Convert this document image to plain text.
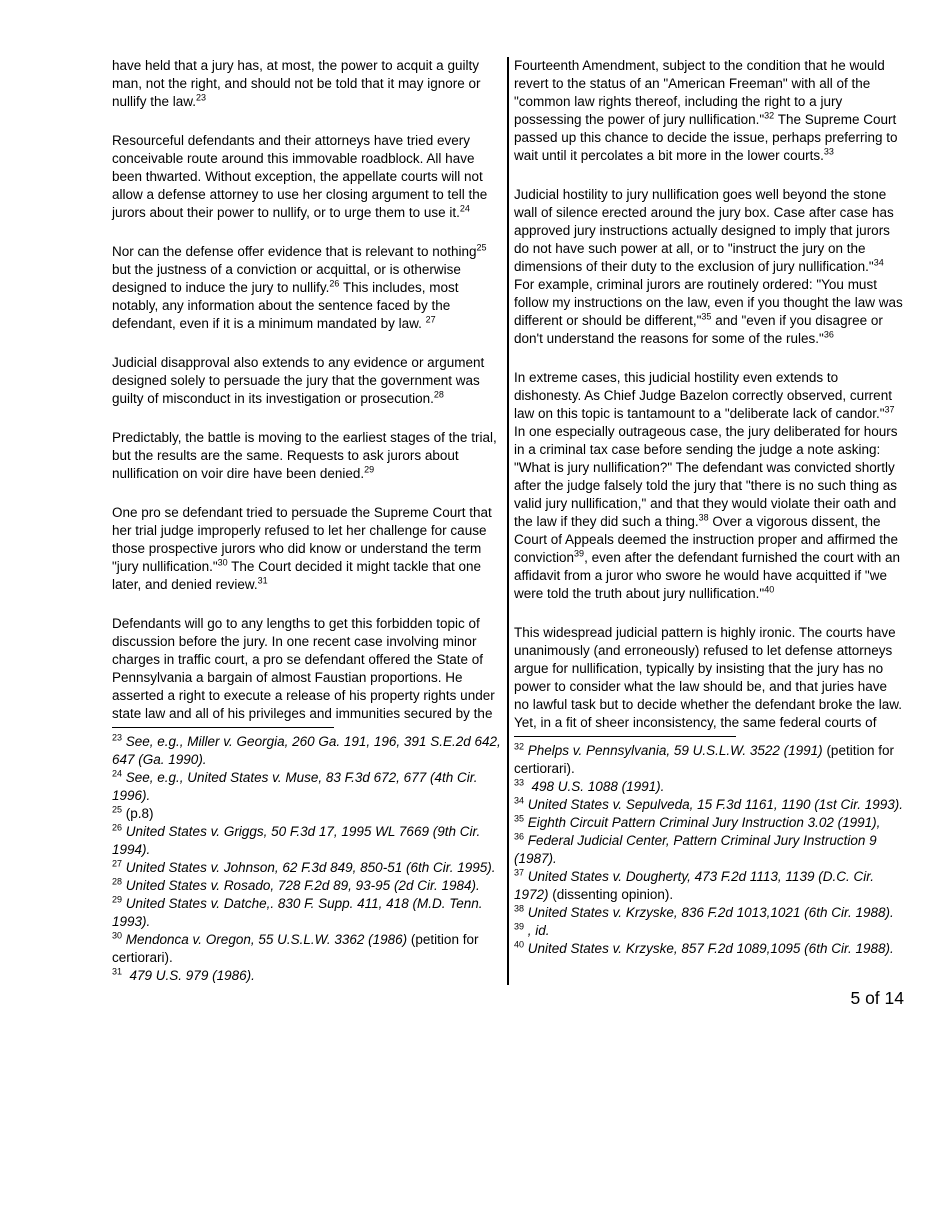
have held that a jury has, at most, the power to acquit a guilty man, not the right, and should not be told that it may ignore or nullify the law.$^{23}$

Resourceful defendants and their attorneys have tried every conceivable route around this immovable roadblock. All have been thwarted. Without exception, the appellate courts will not allow a defense attorney to use her closing argument to tell the jurors about their power to nullify, or to urge them to use it.$^{24}$

Nor can the defense offer evidence that is relevant to nothing$^{25}$ but the justness of a conviction or acquittal, or is otherwise designed to induce the jury to nullify.$^{26}$ This includes, most notably, any information about the sentence faced by the defendant, even if it is a minimum mandated by law. $^{27}$

Judicial disapproval also extends to any evidence or argument designed solely to persuade the jury that the government was guilty of misconduct in its investigation or prosecution.$^{28}$

Predictably, the battle is moving to the earliest stages of the trial, but the results are the same. Requests to ask jurors about nullification on voir dire have been denied.$^{29}$

One pro se defendant tried to persuade the Supreme Court that her trial judge improperly refused to let her challenge for cause those prospective jurors who did know or understand the term "jury nullification."$^{30}$ The Court decided it might tackle that one later, and denied review.$^{31}$

Defendants will go to any lengths to get this forbidden topic of discussion before the jury. In one recent case involving minor charges in traffic court, a pro se defendant offered the State of Pennsylvania a bargain of almost Faustian proportions. He asserted a right to execute a release of his property rights under state law and all of his privileges and immunities secured by the

$^{23}$ See, e.g., Miller v. Georgia, 260 Ga. 191, 196, 391 S.E.2d 642, 647 (Ga. 1990).
$^{24}$ See, e.g., United States v. Muse, 83 F.3d 672, 677 (4th Cir. 1996).
$^{25}$ (p.8)
$^{26}$ United States v. Griggs, 50 F.3d 17, 1995 WL 7669 (9th Cir. 1994).
$^{27}$ United States v. Johnson, 62 F.3d 849, 850-51 (6th Cir. 1995).
$^{28}$ United States v. Rosado, 728 F.2d 89, 93-95 (2d Cir. 1984).
$^{29}$ United States v. Datche,. 830 F. Supp. 411, 418 (M.D. Tenn. 1993).
$^{30}$ Mendonca v. Oregon, 55 U.S.L.W. 3362 (1986) (petition for certiorari).
$^{31}$  479 U.S. 979 (1986).

Fourteenth Amendment, subject to the condition that he would revert to the status of an "American Freeman" with all of the "common law rights thereof, including the right to a jury possessing the power of jury nullification."$^{32}$ The Supreme Court passed up this chance to decide the issue, perhaps preferring to wait until it percolates a bit more in the lower courts.$^{33}$

Judicial hostility to jury nullification goes well beyond the stone wall of silence erected around the jury box. Case after case has approved jury instructions actually designed to imply that jurors do not have such power at all, or to "instruct the jury on the dimensions of their duty to the exclusion of jury nullification."$^{34}$ For example, criminal jurors are routinely ordered: "You must follow my instructions on the law, even if you thought the law was different or should be different,"$^{35}$ and "even if you disagree or don't understand the reasons for some of the rules."$^{36}$

In extreme cases, this judicial hostility even extends to dishonesty. As Chief Judge Bazelon correctly observed, current law on this topic is tantamount to a "deliberate lack of candor."$^{37}$ In one especially outrageous case, the jury deliberated for hours in a criminal tax case before sending the judge a note asking: "What is jury nullification?" The defendant was convicted shortly after the judge falsely told the jury that "there is no such thing as valid jury nullification," and that they would violate their oath and the law if they did such a thing.$^{38}$ Over a vigorous dissent, the Court of Appeals deemed the instruction proper and affirmed the conviction$^{39}$, even after the defendant furnished the court with an affidavit from a juror who swore he would have acquitted if "we were told the truth about jury nullification."$^{40}$

This widespread judicial pattern is highly ironic. The courts have unanimously (and erroneously) refused to let defense attorneys argue for nullification, typically by insisting that the jury has no power to consider what the law should be, and that juries have no lawful task but to decide whether the defendant broke the law. Yet, in a fit of sheer inconsistency, the same federal courts of

$^{32}$ Phelps v. Pennsylvania, 59 U.S.L.W. 3522 (1991) (petition for certiorari).
$^{33}$  498 U.S. 1088 (1991).
$^{34}$ United States v. Sepulveda, 15 F.3d 1161, 1190 (1st Cir. 1993).
$^{35}$ Eighth Circuit Pattern Criminal Jury Instruction 3.02 (1991),
$^{36}$ Federal Judicial Center, Pattern Criminal Jury Instruction 9 (1987).
$^{37}$ United States v. Dougherty, 473 F.2d 1113, 1139 (D.C. Cir. 1972) (dissenting opinion).
$^{38}$ United States v. Krzyske, 836 F.2d 1013,1021 (6th Cir. 1988).
$^{39}$ , id.
$^{40}$ United States v. Krzyske, 857 F.2d 1089,1095 (6th Cir. 1988).
5 of 14
